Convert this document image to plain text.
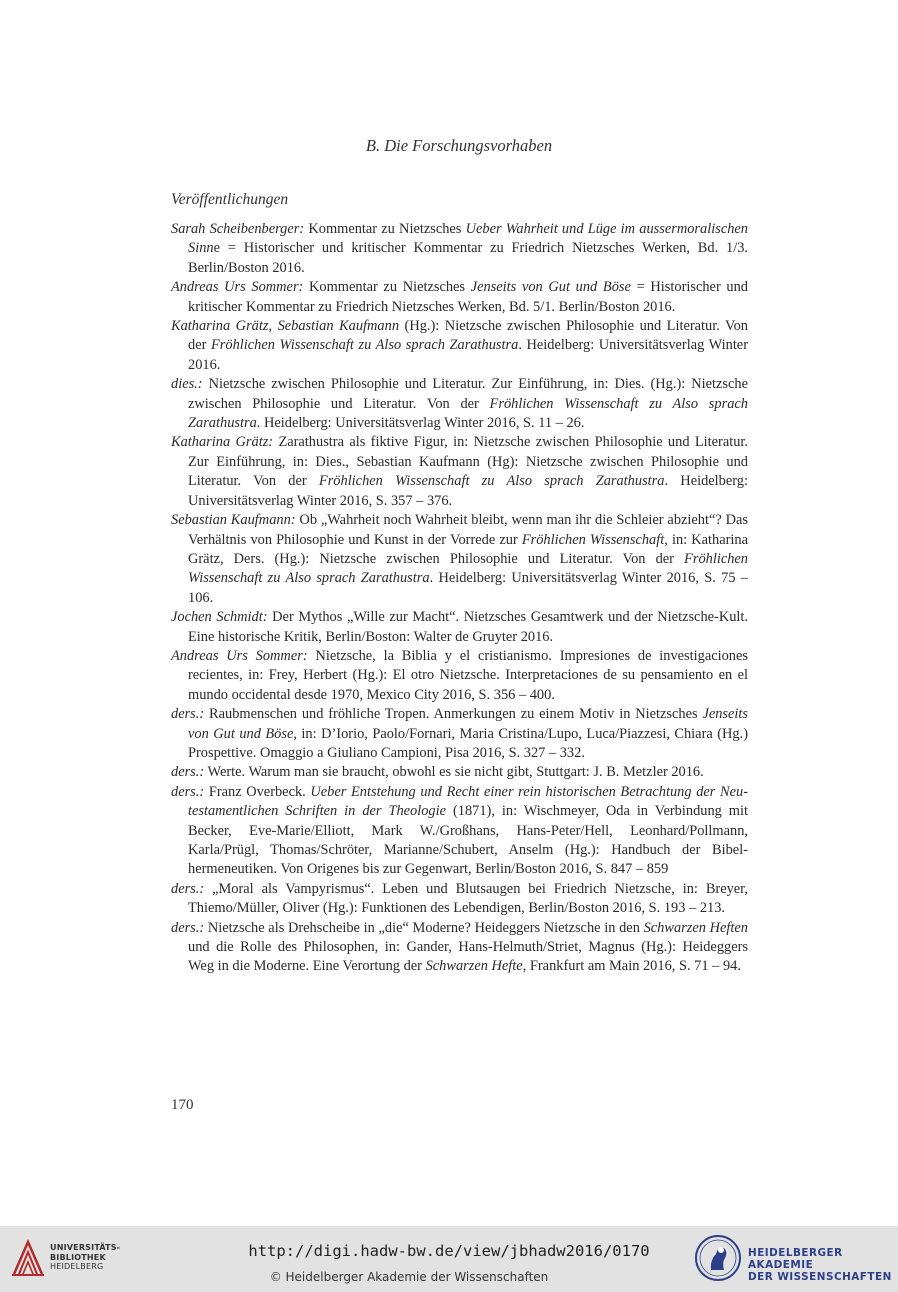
B. Die Forschungsvorhaben
Veröffentlichungen
Sarah Scheibenberger: Kommentar zu Nietzsches Ueber Wahrheit und Lüge im aussermoralischen Sinne = Historischer und kritischer Kommentar zu Friedrich Nietzsches Werken, Bd. 1/3. Berlin/Boston 2016.
Andreas Urs Sommer: Kommentar zu Nietzsches Jenseits von Gut und Böse = Historischer und kritischer Kommentar zu Friedrich Nietzsches Werken, Bd. 5/1. Berlin/Boston 2016.
Katharina Grätz, Sebastian Kaufmann (Hg.): Nietzsche zwischen Philosophie und Literatur. Von der Fröhlichen Wissenschaft zu Also sprach Zarathustra. Heidelberg: Universitätsverlag Winter 2016.
dies.: Nietzsche zwischen Philosophie und Literatur. Zur Einführung, in: Dies. (Hg.): Nietzsche zwischen Philosophie und Literatur. Von der Fröhlichen Wissenschaft zu Also sprach Zarathustra. Heidelberg: Universitätsverlag Winter 2016, S. 11 – 26.
Katharina Grätz: Zarathustra als fiktive Figur, in: Nietzsche zwischen Philosophie und Literatur. Zur Einführung, in: Dies., Sebastian Kaufmann (Hg): Nietzsche zwischen Philosophie und Literatur. Von der Fröhlichen Wissenschaft zu Also sprach Zarathustra. Heidelberg: Universitätsverlag Winter 2016, S. 357 – 376.
Sebastian Kaufmann: Ob „Wahrheit noch Wahrheit bleibt, wenn man ihr die Schleier abzieht“? Das Verhältnis von Philosophie und Kunst in der Vorrede zur Fröhlichen Wissenschaft, in: Katharina Grätz, Ders. (Hg.): Nietzsche zwischen Philosophie und Literatur. Von der Fröhlichen Wissenschaft zu Also sprach Zarathustra. Heidelberg: Universitätsverlag Winter 2016, S. 75 – 106.
Jochen Schmidt: Der Mythos „Wille zur Macht“. Nietzsches Gesamtwerk und der Nietzsche-Kult. Eine historische Kritik, Berlin/Boston: Walter de Gruyter 2016.
Andreas Urs Sommer: Nietzsche, la Biblia y el cristianismo. Impresiones de investigaciones recientes, in: Frey, Herbert (Hg.): El otro Nietzsche. Interpretaciones de su pensamiento en el mundo occidental desde 1970, Mexico City 2016, S. 356 – 400.
ders.: Raubmenschen und fröhliche Tropen. Anmerkungen zu einem Motiv in Nietzsches Jenseits von Gut und Böse, in: D’Iorio, Paolo/Fornari, Maria Cristina/Lupo, Luca/Piazzesi, Chiara (Hg.) Prospettive. Omaggio a Giuliano Campioni, Pisa 2016, S. 327 – 332.
ders.: Werte. Warum man sie braucht, obwohl es sie nicht gibt, Stuttgart: J. B. Metzler 2016.
ders.: Franz Overbeck. Ueber Entstehung und Recht einer rein historischen Betrachtung der Neutestamentlichen Schriften in der Theologie (1871), in: Wischmeyer, Oda in Verbindung mit Becker, Eve-Marie/Elliott, Mark W./Großhans, Hans-Peter/Hell, Leonhard/Pollmann, Karla/Prügl, Thomas/Schröter, Marianne/Schubert, Anselm (Hg.): Handbuch der Bibelhermeneutiken. Von Origenes bis zur Gegenwart, Berlin/Boston 2016, S. 847 – 859
ders.: „Moral als Vampyrismus“. Leben und Blutsaugen bei Friedrich Nietzsche, in: Breyer, Thiemo/Müller, Oliver (Hg.): Funktionen des Lebendigen, Berlin/Boston 2016, S. 193 – 213.
ders.: Nietzsche als Drehscheibe in „die“ Moderne? Heideggers Nietzsche in den Schwarzen Heften und die Rolle des Philosophen, in: Gander, Hans-Helmuth/Striet, Magnus (Hg.): Heideggers Weg in die Moderne. Eine Verortung der Schwarzen Hefte, Frankfurt am Main 2016, S. 71 – 94.
170
UNIVERSITÄTS-
BIBLIOTHEK
HEIDELBERG
http://digi.hadw-bw.de/view/jbhadw2016/0170
© Heidelberger Akademie der Wissenschaften
HEIDELBERGER AKADEMIE
DER WISSENSCHAFTEN
